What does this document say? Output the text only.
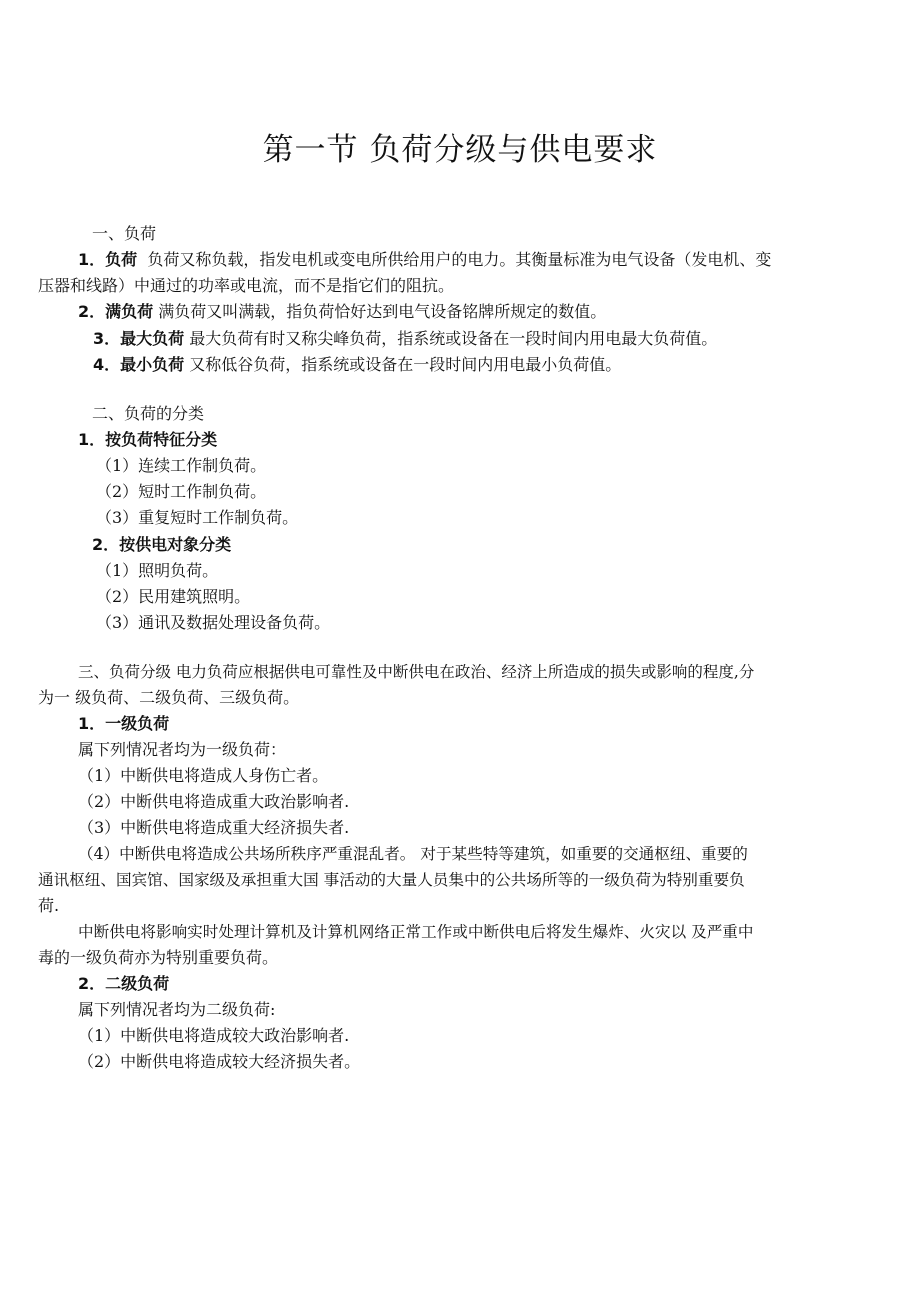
第一节 负荷分级与供电要求
一、负荷
1．负荷 负荷又称负载，指发电机或变电所供给用户的电力。其衡量标准为电气设备（发电机、变
压器和线路）中通过的功率或电流，而不是指它们的阻抗。
2．满负荷 满负荷又叫满载，指负荷恰好达到电气设备铭牌所规定的数值。
3．最大负荷 最大负荷有时又称尖峰负荷，指系统或设备在一段时间内用电最大负荷值。
4．最小负荷 又称低谷负荷，指系统或设备在一段时间内用电最小负荷值。
二、负荷的分类
1．按负荷特征分类
（1）连续工作制负荷。
（2）短时工作制负荷。
（3）重复短时工作制负荷。
2．按供电对象分类
（1）照明负荷。
（2）民用建筑照明。
（3）通讯及数据处理设备负荷。
三、负荷分级 电力负荷应根据供电可靠性及中断供电在政治、经济上所造成的损失或影响的程度,分
为一 级负荷、二级负荷、三级负荷。
1．一级负荷
属下列情况者均为一级负荷：
（1）中断供电将造成人身伤亡者。
（2）中断供电将造成重大政治影响者.
（3）中断供电将造成重大经济损失者.
（4）中断供电将造成公共场所秩序严重混乱者。 对于某些特等建筑，如重要的交通枢纽、重要的
通讯枢纽、国宾馆、国家级及承担重大国 事活动的大量人员集中的公共场所等的一级负荷为特别重要负
荷.
中断供电将影响实时处理计算机及计算机网络正常工作或中断供电后将发生爆炸、火灾以 及严重中
毒的一级负荷亦为特别重要负荷。
2．二级负荷
属下列情况者均为二级负荷:
（1）中断供电将造成较大政治影响者.
（2）中断供电将造成较大经济损失者。
